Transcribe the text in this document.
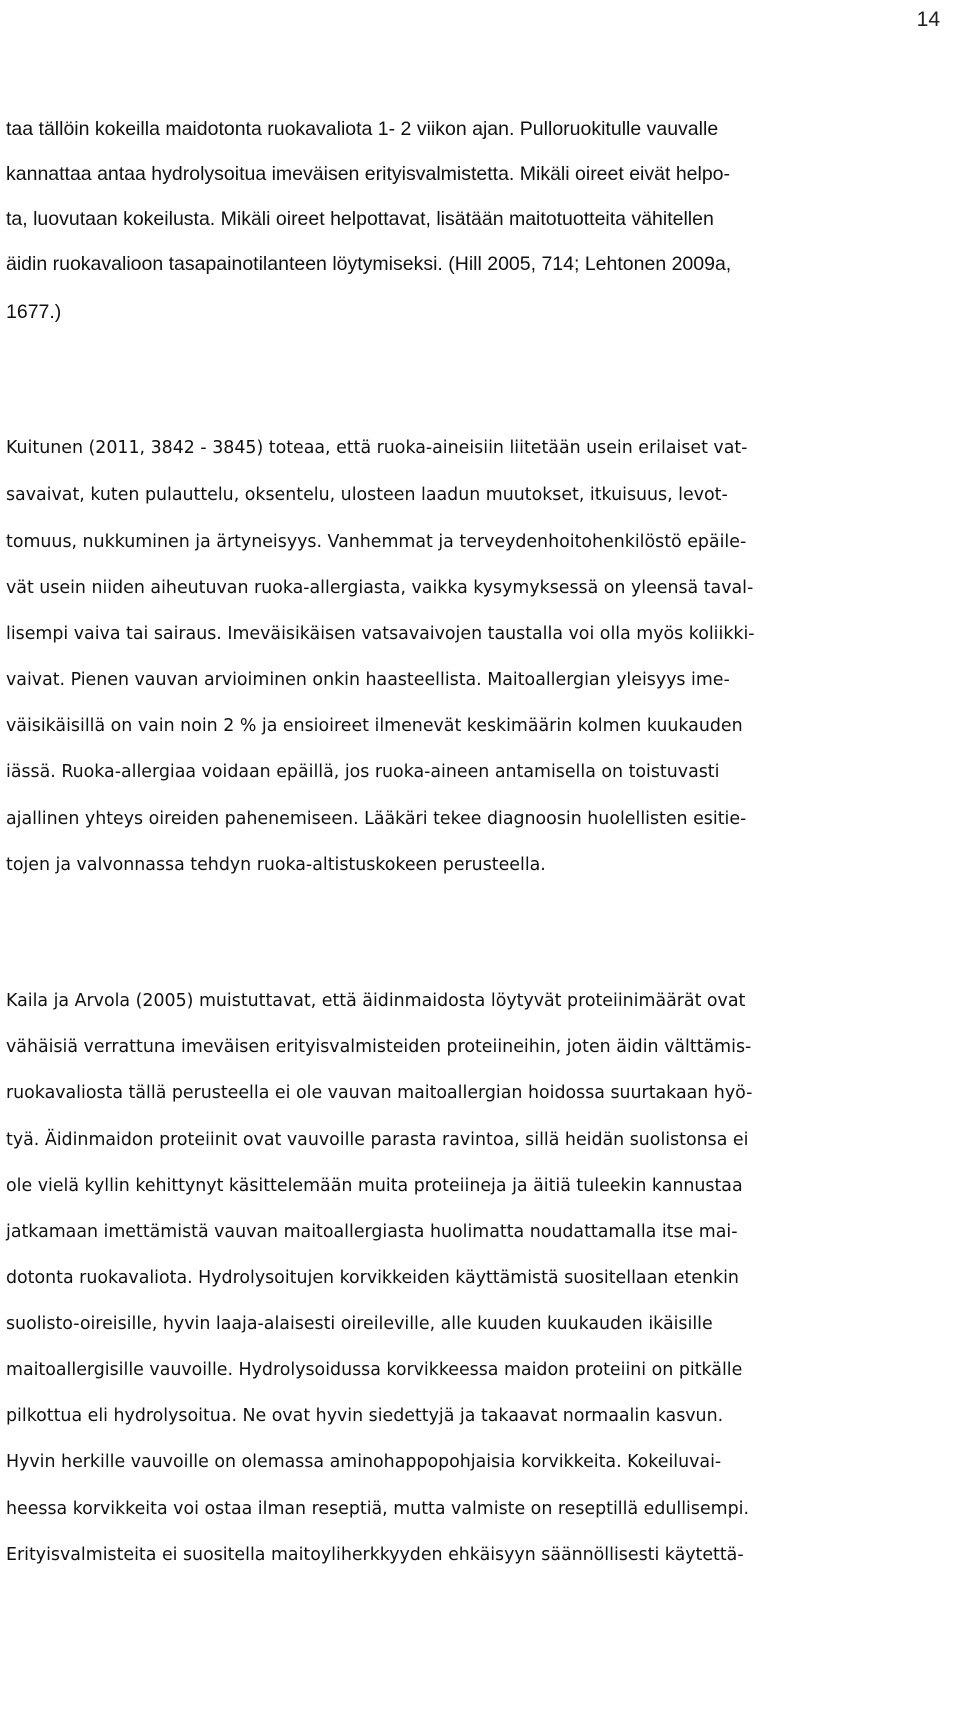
14
taa tällöin kokeilla maidotonta ruokavaliota 1- 2 viikon ajan. Pulloruokitulle vauvalle
kannattaa antaa hydrolysoitua imeväisen erityisvalmistetta. Mikäli oireet eivät helpo-
ta, luovutaan kokeilusta. Mikäli oireet helpottavat, lisätään maitotuotteita vähitellen
äidin ruokavalioon tasapainotilanteen löytymiseksi. (Hill 2005, 714; Lehtonen 2009a,
1677.)
Kuitunen (2011, 3842 - 3845) toteaa, että ruoka-aineisiin liitetään usein erilaiset vat-
savaivat, kuten pulauttelu, oksentelu, ulosteen laadun muutokset, itkuisuus, levot-
tomuus, nukkuminen ja ärtyneisyys. Vanhemmat ja terveydenhoitohenkilöstö epäile-
vät usein niiden aiheutuvan ruoka-allergiasta, vaikka kysymyksessä on yleensä taval-
lisempi vaiva tai sairaus. Imeväisikäisen vatsavaivojen taustalla voi olla myös koliikki-
vaivat. Pienen vauvan arvioiminen onkin haasteellista. Maitoallergian yleisyys ime-
väisikäisillä on vain noin 2 % ja ensioireet ilmenevät keskimäärin kolmen kuukauden
iässä. Ruoka-allergiaa voidaan epäillä, jos ruoka-aineen antamisella on toistuvasti
ajallinen yhteys oireiden pahenemiseen. Lääkäri tekee diagnoosin huolellisten esitie-
tojen ja valvonnassa tehdyn ruoka-altistuskokeen perusteella.
Kaila ja Arvola (2005) muistuttavat, että äidinmaidosta löytyvät proteiinimäärät ovat
vähäisiä verrattuna imeväisen erityisvalmisteiden proteiineihin, joten äidin välttämis-
ruokavaliosta tällä perusteella ei ole vauvan maitoallergian hoidossa suurtakaan hyö-
tyä. Äidinmaidon proteiinit ovat vauvoille parasta ravintoa, sillä heidän suolistonsa ei
ole vielä kyllin kehittynyt käsittelemään muita proteiineja ja äitiä tuleekin kannustaa
jatkamaan imettämistä vauvan maitoallergiasta huolimatta noudattamalla itse mai-
dotonta ruokavaliota. Hydrolysoitujen korvikkeiden käyttämistä suositellaan etenkin
suolisto-oireisille, hyvin laaja-alaisesti oireileville, alle kuuden kuukauden ikäisille
maitoallergisille vauvoille. Hydrolysoidussa korvikkeessa maidon proteiini on pitkälle
pilkottua eli hydrolysoitua. Ne ovat hyvin siedettyjä ja takaavat normaalin kasvun.
Hyvin herkille vauvoille on olemassa aminohappopohjaisia korvikkeita. Kokeiluvai-
heessa korvikkeita voi ostaa ilman reseptiä, mutta valmiste on reseptillä edullisempi.
Erityisvalmisteita ei suositella maitoyliherkkyyden ehkäisyyn säännöllisesti käytettä-
